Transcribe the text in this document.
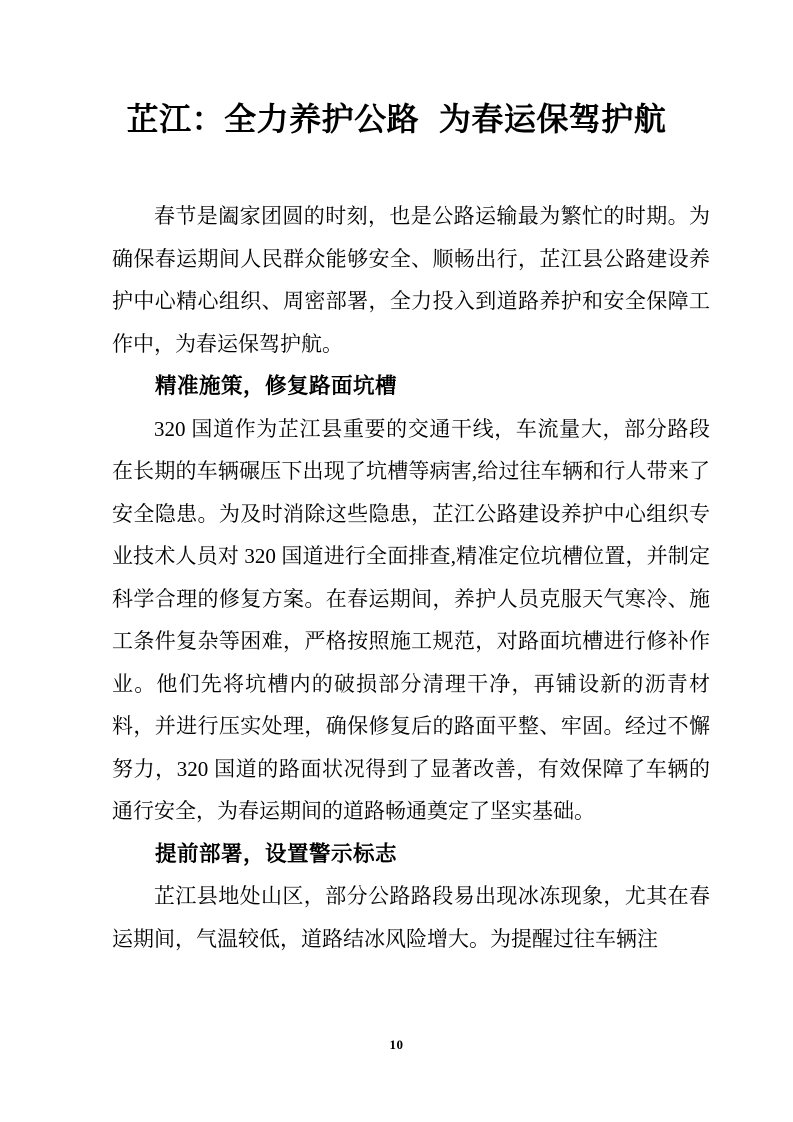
芷江：全力养护公路 为春运保驾护航

春节是阖家团圆的时刻，也是公路运输最为繁忙的时期。为确保春运期间人民群众能够安全、顺畅出行，芷江县公路建设养护中心精心组织、周密部署，全力投入到道路养护和安全保障工作中，为春运保驾护航。

精准施策，修复路面坑槽

320 国道作为芷江县重要的交通干线，车流量大，部分路段在长期的车辆碾压下出现了坑槽等病害,给过往车辆和行人带来了安全隐患。为及时消除这些隐患，芷江公路建设养护中心组织专业技术人员对 320 国道进行全面排查,精准定位坑槽位置，并制定科学合理的修复方案。在春运期间，养护人员克服天气寒冷、施工条件复杂等困难，严格按照施工规范，对路面坑槽进行修补作业。他们先将坑槽内的破损部分清理干净，再铺设新的沥青材料，并进行压实处理，确保修复后的路面平整、牢固。经过不懈努力，320 国道的路面状况得到了显著改善，有效保障了车辆的通行安全，为春运期间的道路畅通奠定了坚实基础。

提前部署，设置警示标志

芷江县地处山区，部分公路路段易出现冰冻现象，尤其在春运期间，气温较低，道路结冰风险增大。为提醒过往车辆注

10
